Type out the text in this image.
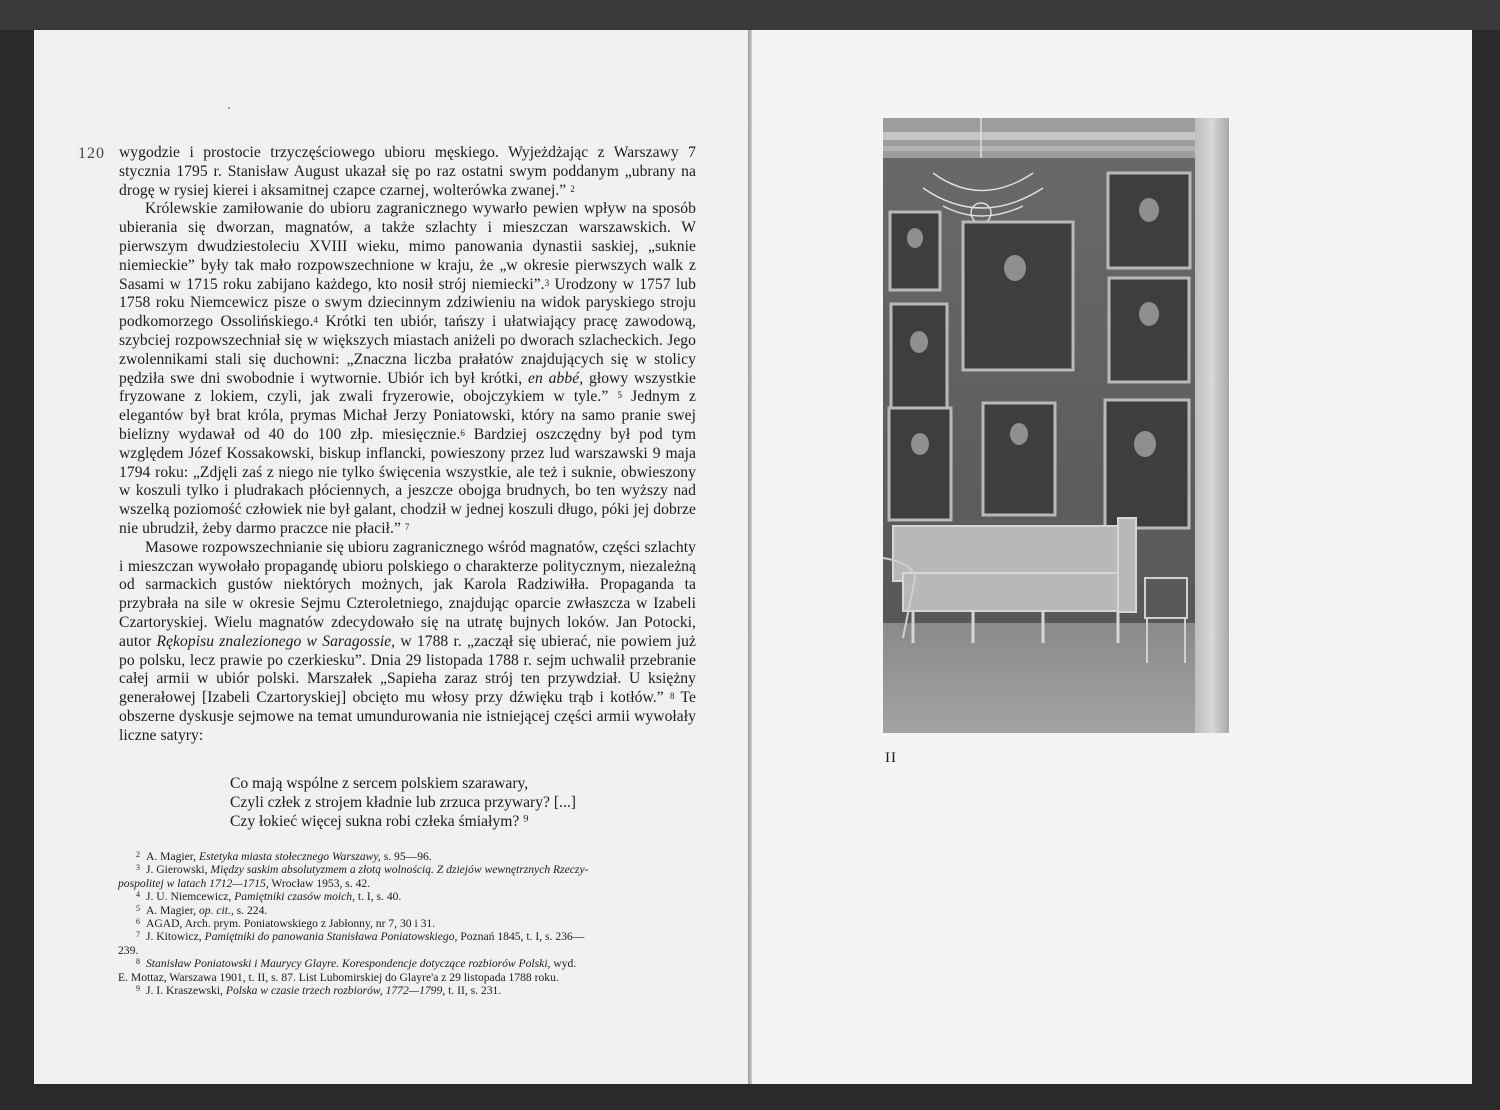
120 wygodzie i prostocie trzyczęściowego ubioru męskiego. Wyjeżdżając z Warszawy 7 stycznia 1795 r. Stanisław August ukazał się po raz ostatni swym poddanym „ubrany na drogę w rysiej kierei i aksamitnej czapce czarnej, wolterówka zwanej.” $^2$

Królewskie zamiłowanie do ubioru zagranicznego wywarło pewien wpływ na sposób ubierania się dworzan, magnatów, a także szlachty i mieszczan warszawskich. W pierwszym dwudziestoleciu XVIII wieku, mimo panowania dynastii saskiej, „suknie niemieckie” były tak mało rozpowszechnione w kraju, że „w okresie pierwszych walk z Sasami w 1715 roku zabijano każdego, kto nosił strój niemiecki”.$^3$ Urodzony w 1757 lub 1758 roku Niemcewicz pisze o swym dziecinnym zdziwieniu na widok paryskiego stroju podkomorzego Ossolińskiego.$^4$ Krótki ten ubiór, tańszy i ułatwiający pracę zawodową, szybciej rozpowszechniał się w większych miastach aniżeli po dworach szlacheckich. Jego zwolennikami stali się duchowni: „Znaczna liczba prałatów znajdujących się w stolicy pędziła swe dni swobodnie i wytwornie. Ubiór ich był krótki, en abbé, głowy wszystkie fryzowane z lokiem, czyli, jak zwali fryzerowie, obojczykiem w tyle.” $^5$ Jednym z elegantów był brat króla, prymas Michał Jerzy Poniatowski, który na samo pranie swej bielizny wydawał od 40 do 100 złp. miesięcznie.$^6$ Bardziej oszczędny był pod tym względem Józef Kossakowski, biskup inflancki, powieszony przez lud warszawski 9 maja 1794 roku: „Zdjęli zaś z niego nie tylko święcenia wszystkie, ale też i suknie, obwieszony w koszuli tylko i pludrakach płóciennych, a jeszcze obojga brudnych, bo ten wyższy nad wszelką poziomość człowiek nie był galant, chodził w jednej koszuli długo, póki jej dobrze nie ubrudził, żeby darmo praczce nie płacił.” $^7$

Masowe rozpowszechnianie się ubioru zagranicznego wśród magnatów, części szlachty i mieszczan wywołało propagandę ubioru polskiego o charakterze politycznym, niezależną od sarmackich gustów niektórych możnych, jak Karola Radziwiłła. Propaganda ta przybrała na sile w okresie Sejmu Czteroletniego, znajdując oparcie zwłaszcza w Izabeli Czartoryskiej. Wielu magnatów zdecydowało się na utratę bujnych loków. Jan Potocki, autor Rękopisu znalezionego w Saragossie, w 1788 r. „zaczął się ubierać, nie powiem już po polsku, lecz prawie po czerkiesku”. Dnia 29 listopada 1788 r. sejm uchwalił przebranie całej armii w ubiór polski. Marszałek „Sapieha zaraz strój ten przywdział. U księżny generałowej [Izabeli Czartoryskiej] obcięto mu włosy przy dźwięku trąb i kotłów.” $^8$ Te obszerne dyskusje sejmowe na temat umundurowania nie istniejącej części armii wywołały liczne satyry:

Co mają wspólne z sercem polskiem szarawary,
Czyli człek z strojem kładnie lub zrzuca przywary? [...]
Czy łokieć więcej sukna robi człeka śmiałym? ⁹
2 A. Magier, Estetyka miasta stołecznego Warszawy, s. 95—96.
3 J. Gierowski, Między saskim absolutyzmem a złotą wolnością. Z dziejów wewnętrznych Rzeczy-
pospolitej w latach 1712—1715, Wrocław 1953, s. 42.
4 J. U. Niemcewicz, Pamiętniki czasów moich, t. I, s. 40.
5 A. Magier, op. cit., s. 224.
6 AGAD, Arch. prym. Poniatowskiego z Jabłonny, nr 7, 30 i 31.
7 J. Kitowicz, Pamiętniki do panowania Stanisława Poniatowskiego, Poznań 1845, t. I, s. 236—
239.
8 Stanisław Poniatowski i Maurycy Glayre. Korespondencje dotyczące rozbiorów Polski, wyd.
E. Mottaz, Warszawa 1901, t. II, s. 87. List Lubomirskiej do Glayre'a z 29 listopada 1788 roku.
9 J. I. Kraszewski, Polska w czasie trzech rozbiorów, 1772—1799, t. II, s. 231.
II
